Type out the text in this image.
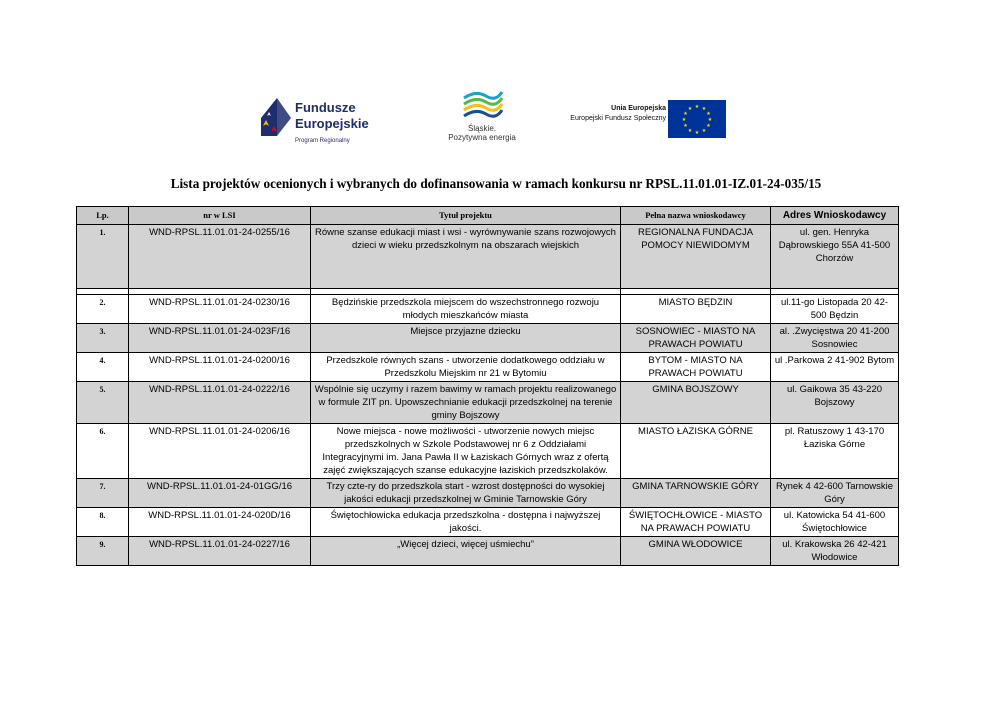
Fundusze
Europejskie
Program Regionalny
Śląskie.
Pozytywna energia
Unia Europejska
Europejski Fundusz Społeczny
★ ★
★
★
★
★
★
★
★
★
★
★
Lista projektów ocenionych i wybranych do dofinansowania w ramach konkursu nr RPSL.11.01.01-IZ.01-24-035/15
Lp.	nr w LSI	Tytuł projektu	Pełna nazwa wnioskodawcy	Adres Wnioskodawcy
1.	WND-RPSL.11.01.01-24-0255/16	Równe szanse edukacji miast i wsi - wyrównywanie szans rozwojowych dzieci w wieku przedszkolnym na obszarach wiejskich	REGIONALNA FUNDACJA POMOCY NIEWIDOMYM	ul. gen. Henryka Dąbrowskiego 55A 41-500 Chorzów

2.	WND-RPSL.11.01.01-24-0230/16	Będzińskie przedszkola miejscem do wszechstronnego rozwoju młodych mieszkańców miasta	MIASTO BĘDZIN	ul.11-go Listopada 20 42-500 Będzin
3.	WND-RPSL.11.01.01-24-023F/16	Miejsce przyjazne dziecku	SOSNOWIEC - MIASTO NA PRAWACH POWIATU	al. .Zwycięstwa 20 41-200 Sosnowiec
4.	WND-RPSL.11.01.01-24-0200/16	Przedszkole równych szans - utworzenie dodatkowego oddziału w Przedszkolu Miejskim nr 21 w Bytomiu	BYTOM - MIASTO NA PRAWACH POWIATU	ul .Parkowa 2 41-902 Bytom
5.	WND-RPSL.11.01.01-24-0222/16	Wspólnie się uczymy i razem bawimy w ramach projektu realizowanego w formule ZIT pn. Upowszechnianie edukacji przedszkolnej na terenie gminy Bojszowy	GMINA BOJSZOWY	ul. Gaikowa 35 43-220 Bojszowy
6.	WND-RPSL.11.01.01-24-0206/16	Nowe miejsca - nowe możliwości - utworzenie nowych miejsc przedszkolnych w Szkole Podstawowej nr 6 z Oddziałami Integracyjnymi im. Jana Pawła II w Łaziskach Górnych wraz z ofertą zajęć zwiększających szanse edukacyjne łaziskich przedszkolaków.	MIASTO ŁAZISKA GÓRNE	pl. Ratuszowy 1 43-170 Łaziska Górne
7.	WND-RPSL.11.01.01-24-01GG/16	Trzy czte-ry do przedszkola start - wzrost dostępności do wysokiej jakości edukacji przedszkolnej w Gminie Tarnowskie Góry	GMINA TARNOWSKIE GÓRY	Rynek 4 42-600 Tarnowskie Góry
8.	WND-RPSL.11.01.01-24-020D/16	Świętochłowicka edukacja przedszkolna - dostępna i najwyższej jakości.	ŚWIĘTOCHŁOWICE - MIASTO NA PRAWACH POWIATU	ul. Katowicka 54 41-600 Świętochłowice
9.	WND-RPSL.11.01.01-24-0227/16	„Więcej dzieci, więcej uśmiechu”	GMINA WŁODOWICE	ul. Krakowska 26 42-421 Włodowice
